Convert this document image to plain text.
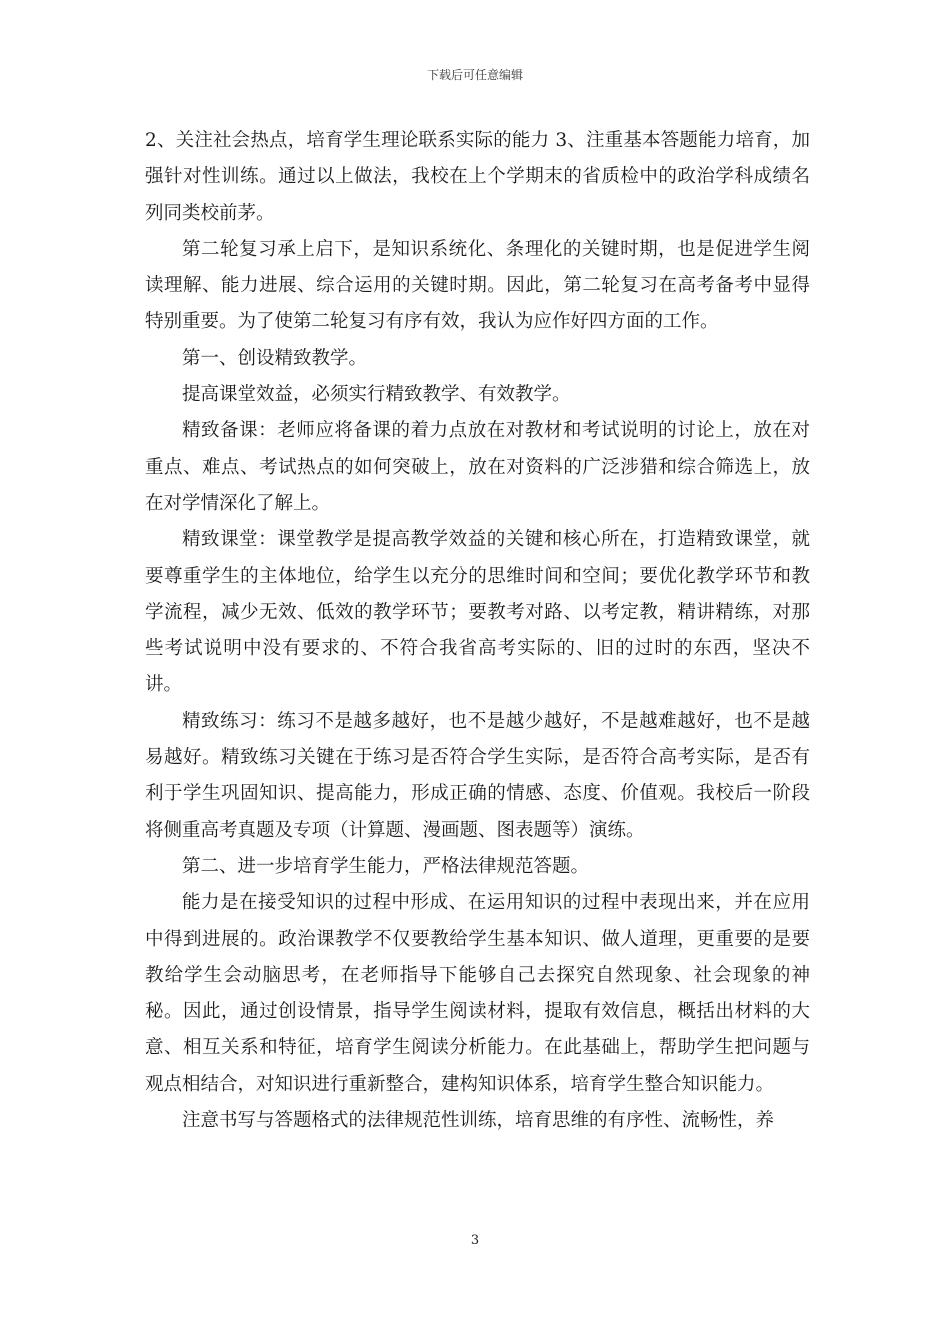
下载后可任意编辑

2、关注社会热点，培育学生理论联系实际的能力 3、注重基本答题能力培育，加强针对性训练。通过以上做法，我校在上个学期末的省质检中的政治学科成绩名列同类校前茅。

第二轮复习承上启下，是知识系统化、条理化的关键时期，也是促进学生阅读理解、能力进展、综合运用的关键时期。因此，第二轮复习在高考备考中显得特别重要。为了使第二轮复习有序有效，我认为应作好四方面的工作。

第一、创设精致教学。

提高课堂效益，必须实行精致教学、有效教学。

精致备课：老师应将备课的着力点放在对教材和考试说明的讨论上，放在对重点、难点、考试热点的如何突破上，放在对资料的广泛涉猎和综合筛选上，放在对学情深化了解上。

精致课堂：课堂教学是提高教学效益的关键和核心所在，打造精致课堂，就要尊重学生的主体地位，给学生以充分的思维时间和空间；要优化教学环节和教学流程，减少无效、低效的教学环节；要教考对路、以考定教，精讲精练，对那些考试说明中没有要求的、不符合我省高考实际的、旧的过时的东西，坚决不讲。

精致练习：练习不是越多越好，也不是越少越好，不是越难越好，也不是越易越好。精致练习关键在于练习是否符合学生实际，是否符合高考实际，是否有利于学生巩固知识、提高能力，形成正确的情感、态度、价值观。我校后一阶段将侧重高考真题及专项（计算题、漫画题、图表题等）演练。

第二、进一步培育学生能力，严格法律规范答题。

能力是在接受知识的过程中形成、在运用知识的过程中表现出来，并在应用中得到进展的。政治课教学不仅要教给学生基本知识、做人道理，更重要的是要教给学生会动脑思考，在老师指导下能够自己去探究自然现象、社会现象的神秘。因此，通过创设情景，指导学生阅读材料，提取有效信息，概括出材料的大意、相互关系和特征，培育学生阅读分析能力。在此基础上，帮助学生把问题与观点相结合，对知识进行重新整合，建构知识体系，培育学生整合知识能力。

注意书写与答题格式的法律规范性训练，培育思维的有序性、流畅性，养

3
